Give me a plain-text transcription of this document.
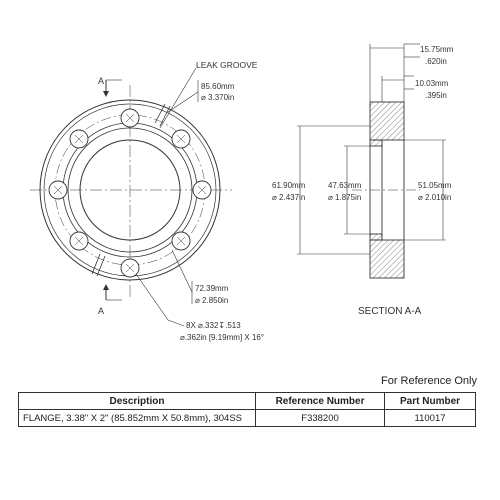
A
A
LEAK GROOVE
85.60mm
⌀ 3.370in
72.39mm
⌀ 2.850in
8X ⌀.332↧.513
⌀.362in [9.19mm] X 16°
SECTION A-A
15.75mm
.620in
10.03mm
.395in
61.90mm
⌀ 2.437in
47.63mm
⌀ 1.875in
51.05mm
⌀ 2.010in
For Reference Only
Description	Reference Number	Part Number
FLANGE, 3.38" X 2" (85.852mm X 50.8mm), 304SS	F338200	110017
